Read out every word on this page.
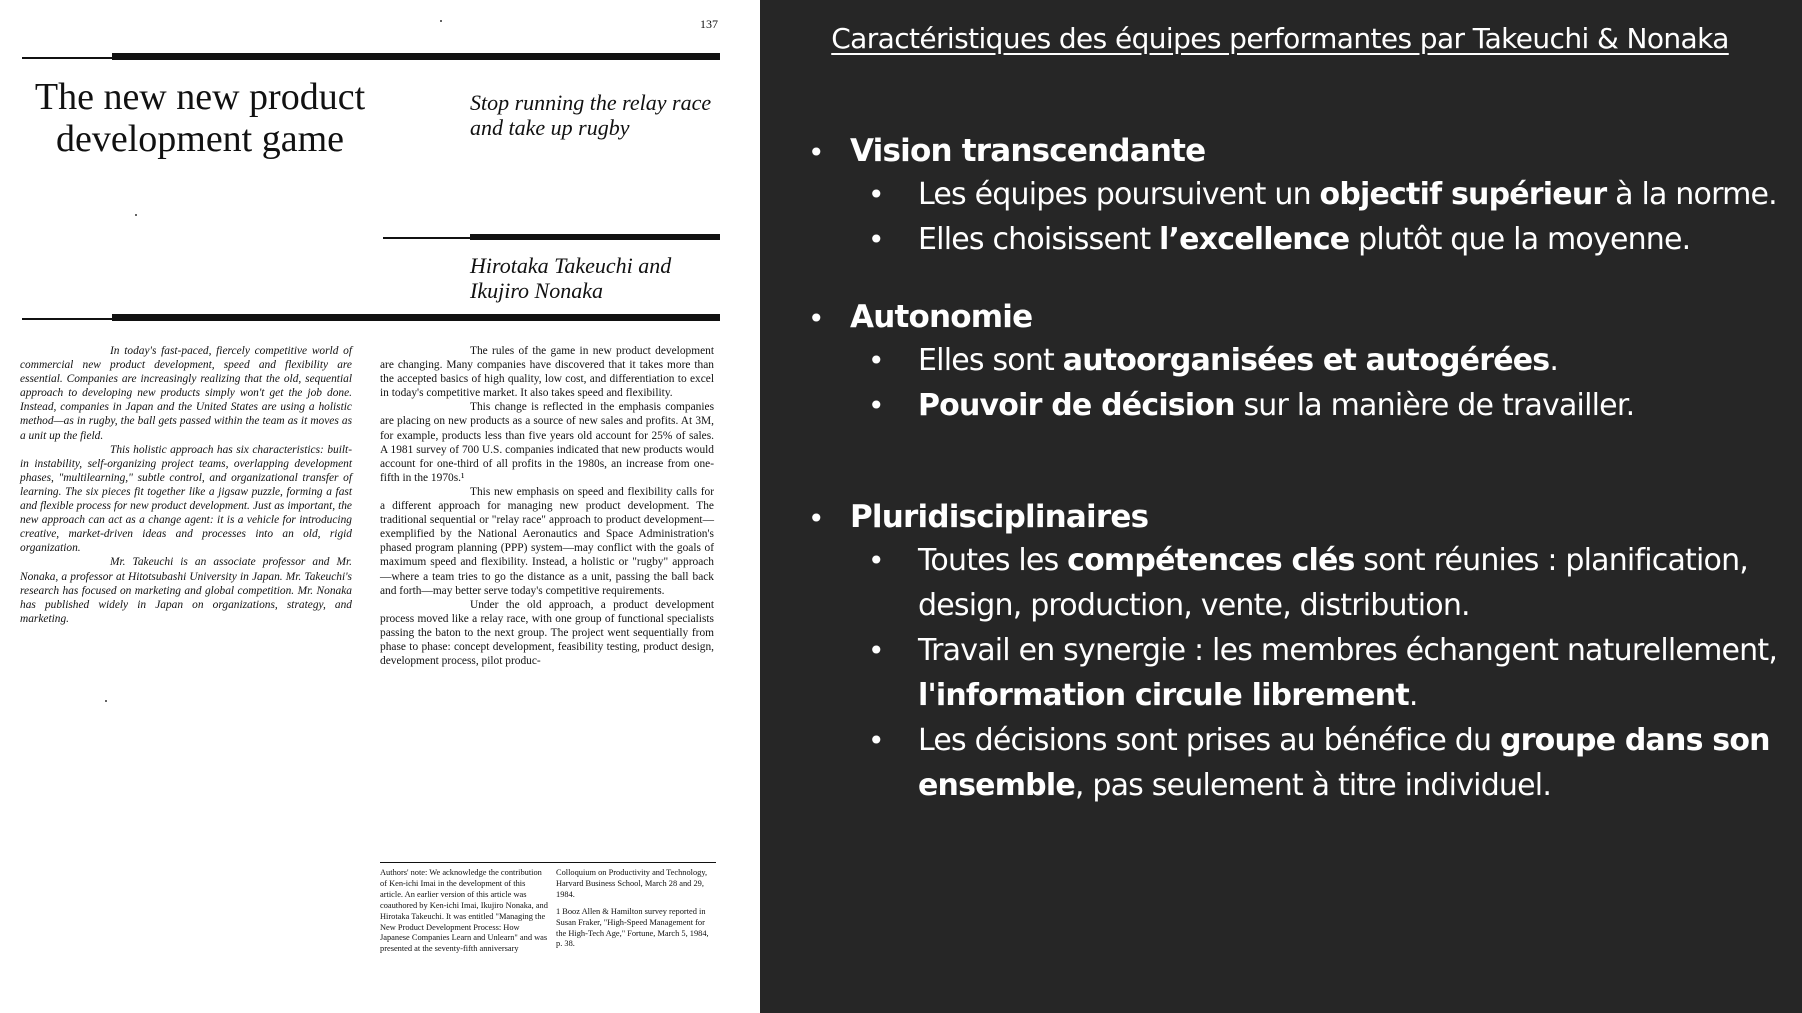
137
The new new product development game
Stop running the relay race and take up rugby
Hirotaka Takeuchi and Ikujiro Nonaka

In today's fast-paced, fiercely competitive world of commercial new product development, speed and flexibility are essential. Companies are increasingly realizing that the old, sequential approach to developing new products simply won't get the job done. Instead, companies in Japan and the United States are using a holistic method—as in rugby, the ball gets passed within the team as it moves as a unit up the field.

This holistic approach has six characteristics: built-in instability, self-organizing project teams, overlapping development phases, "multilearning," subtle control, and organizational transfer of learning. The six pieces fit together like a jigsaw puzzle, forming a fast and flexible process for new product development. Just as important, the new approach can act as a change agent: it is a vehicle for introducing creative, market-driven ideas and processes into an old, rigid organization.

Mr. Takeuchi is an associate professor and Mr. Nonaka, a professor at Hitotsubashi University in Japan. Mr. Takeuchi's research has focused on marketing and global competition. Mr. Nonaka has published widely in Japan on organizations, strategy, and marketing.

The rules of the game in new product development are changing. Many companies have discovered that it takes more than the accepted basics of high quality, low cost, and differentiation to excel in today's competitive market. It also takes speed and flexibility.

This change is reflected in the emphasis companies are placing on new products as a source of new sales and profits. At 3M, for example, products less than five years old account for 25% of sales. A 1981 survey of 700 U.S. companies indicated that new products would account for one-third of all profits in the 1980s, an increase from one-fifth in the 1970s.¹

This new emphasis on speed and flexibility calls for a different approach for managing new product development. The traditional sequential or "relay race" approach to product development—exemplified by the National Aeronautics and Space Administration's phased program planning (PPP) system—may conflict with the goals of maximum speed and flexibility. Instead, a holistic or "rugby" approach—where a team tries to go the distance as a unit, passing the ball back and forth—may better serve today's competitive requirements.

Under the old approach, a product development process moved like a relay race, with one group of functional specialists passing the baton to the next group. The project went sequentially from phase to phase: concept development, feasibility testing, product design, development process, pilot produc-

Authors' note: We acknowledge the contribution of Ken-ichi Imai in the development of this article. An earlier version of this article was coauthored by Ken-ichi Imai, Ikujiro Nonaka, and Hirotaka Takeuchi. It was entitled "Managing the New Product Development Process: How Japanese Companies Learn and Unlearn" and was presented at the seventy-fifth anniversary

Colloquium on Productivity and Technology, Harvard Business School, March 28 and 29, 1984.

1 Booz Allen & Hamilton survey reported in Susan Fraker, "High-Speed Management for the High-Tech Age," Fortune, March 5, 1984, p. 38.

Caractéristiques des équipes performantes par Takeuchi & Nonaka
• Vision transcendante
• Les équipes poursuivent un objectif supérieur à la norme.
• Elles choisissent l’excellence plutôt que la moyenne.
• Autonomie
• Elles sont autoorganisées et autogérées.
• Pouvoir de décision sur la manière de travailler.
• Pluridisciplinaires
• Toutes les compétences clés sont réunies : planification, design, production, vente, distribution.
• Travail en synergie : les membres échangent naturellement, l'information circule librement.
• Les décisions sont prises au bénéfice du groupe dans son ensemble, pas seulement à titre individuel.
